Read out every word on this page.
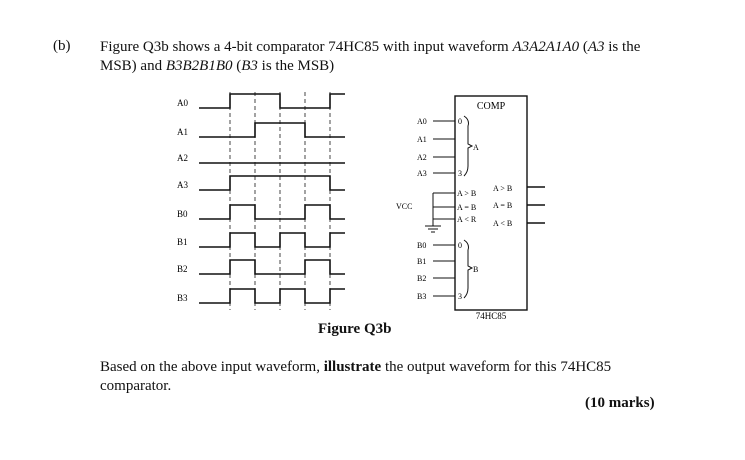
(b) Figure Q3b shows a 4-bit comparator 74HC85 with input waveform A3A2A1A0 (A3 is the
MSB) and B3B2B1B0 (B3 is the MSB)
A0
A1
A2
A3
B0
B1
B2
B3
COMP
74HC85
A0
A1
A2
A3
0
3
A
VCC
A > B
A = B
A < R
A > B
A = B
A < B
B0
B1
B2
B3
0
3
B
Figure Q3b
Based on the above input waveform, illustrate the output waveform for this 74HC85 comparator.
(10 marks)
